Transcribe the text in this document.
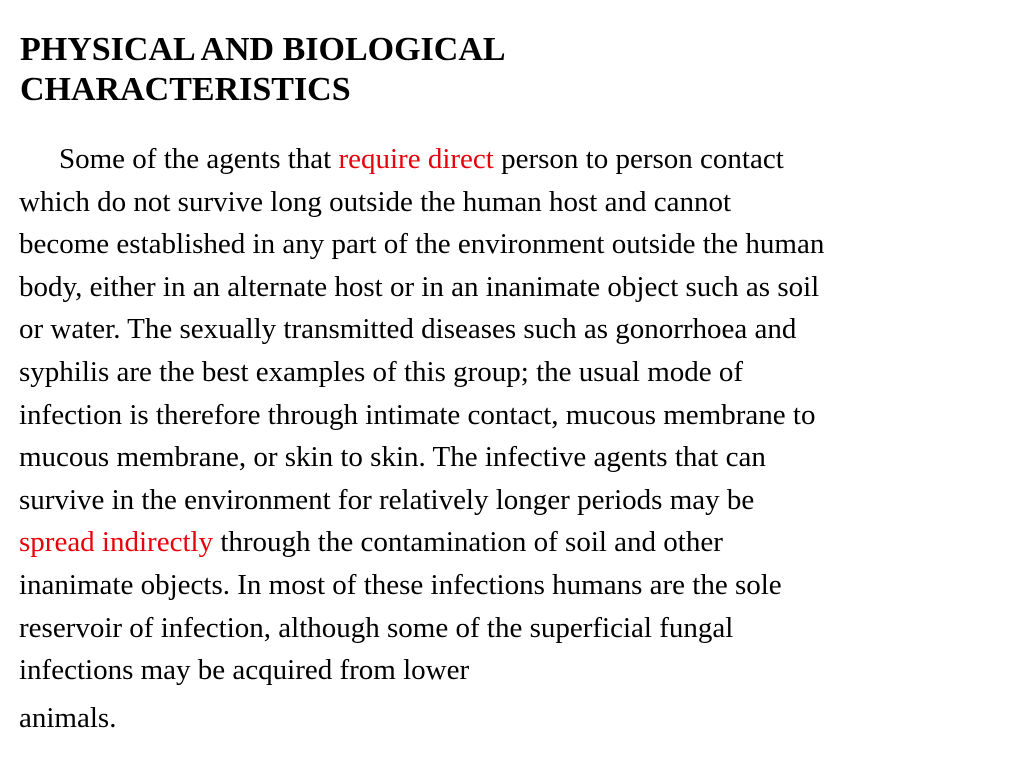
PHYSICAL AND BIOLOGICAL
CHARACTERISTICS

Some of the agents that require direct person to person contact
which do not survive long outside the human host and cannot
become established in any part of the environment outside the human
body, either in an alternate host or in an inanimate object such as soil
or water. The sexually transmitted diseases such as gonorrhoea and
syphilis are the best examples of this group; the usual mode of
infection is therefore through intimate contact, mucous membrane to
mucous membrane, or skin to skin. The infective agents that can
survive in the environment for relatively longer periods may be
spread indirectly through the contamination of soil and other
inanimate objects. In most of these infections humans are the sole
reservoir of infection, although some of the superficial fungal
infections may be acquired from lower

animals.
